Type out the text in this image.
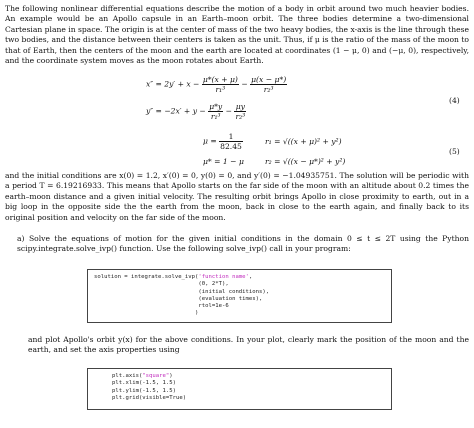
The following nonlinear differential equations describe the motion of a body in orbit around two much heavier bodies. An example would be an Apollo capsule in an Earth–moon orbit. The three bodies determine a two-dimensional Cartesian plane in space. The origin is at the center of mass of the two heavy bodies, the x-axis is the line through these two bodies, and the distance between their centers is taken as the unit. Thus, if μ is the ratio of the mass of the moon to that of Earth, then the centers of the moon and the earth are located at coordinates (1 − μ, 0) and (−μ, 0), respectively, and the coordinate system moves as the moon rotates about Earth.
$x'' = 2y' + x - \frac{\mu*(x + \mu)}{\text{r₁³}} - \frac{\mu(x - \mu*)}{\text{r₂³}}$
$y'' = -2x' + y - \frac{\mu*y}{\text{r₁³}} - \frac{\mu y}{\text{r₂³}}$
(4)
$\mu = \frac{1}{82.45}$	r₁ = √((x + μ)² + y²)
μ* = 1 − μ	r₂ = √((x − μ*)² + y²)
(5)
and the initial conditions are x(0) = 1.2, x′(0) = 0, y(0) = 0, and y′(0) = −1.04935751. The solution will be periodic with a period T = 6.19216933. This means that Apollo starts on the far side of the moon with an altitude about 0.2 times the earth–moon distance and a given initial velocity. The resulting orbit brings Apollo in close proximity to earth, out in a big loop in the opposite side the the earth from the moon, back in close to the earth again, and finally back to its original position and velocity on the far side of the moon.
a) Solve the equations of motion for the given initial conditions in the domain 0 ≤ t ≤ 2T using the Python scipy.integrate.solve_ivp() function. Use the following solve_ivp() call in your program:
solution = integrate.solve_ivp('function name',
(0, 2*T),
(initial conditions),
(evaluation times),
rtol=1e-6
)
and plot Apollo's orbit y(x) for the above conditions. In your plot, clearly mark the position of the moon and the earth, and set the axis properties using
plt.axis("square")
plt.xlim(-1.5, 1.5)
plt.ylim(-1.5, 1.5)
plt.grid(visible=True)
